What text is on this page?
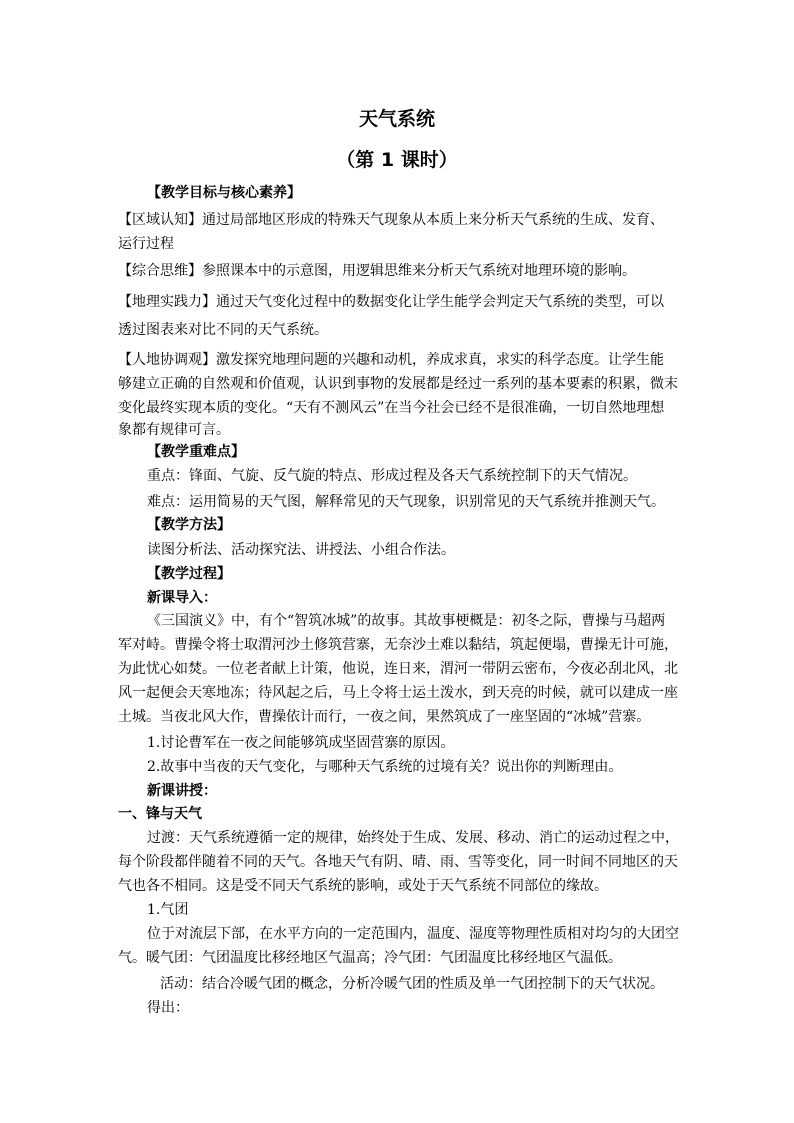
天气系统
（第 1 课时）
【教学目标与核心素养】
【区域认知】通过局部地区形成的特殊天气现象从本质上来分析天气系统的生成、发育、
运行过程
【综合思维】参照课本中的示意图，用逻辑思维来分析天气系统对地理环境的影响。
【地理实践力】通过天气变化过程中的数据变化让学生能学会判定天气系统的类型，可以
透过图表来对比不同的天气系统。
【人地协调观】激发探究地理问题的兴趣和动机，养成求真，求实的科学态度。让学生能
够建立正确的自然观和价值观，认识到事物的发展都是经过一系列的基本要素的积累，微末
变化最终实现本质的变化。“天有不测风云”在当今社会已经不是很准确，一切自然地理想
象都有规律可言。
【教学重难点】
重点：锋面、气旋、反气旋的特点、形成过程及各天气系统控制下的天气情况。
难点：运用简易的天气图，解释常见的天气现象，识别常见的天气系统并推测天气。
【教学方法】
读图分析法、活动探究法、讲授法、小组合作法。
【教学过程】
新课导入：
《三国演义》中，有个“智筑冰城”的故事。其故事梗概是：初冬之际，曹操与马超两
军对峙。曹操令将士取渭河沙土修筑营寨，无奈沙土难以黏结，筑起便塌，曹操无计可施，
为此忧心如焚。一位老者献上计策，他说，连日来，渭河一带阴云密布，今夜必刮北风，北
风一起便会天寒地冻；待风起之后，马上令将士运土泼水，到天亮的时候，就可以建成一座
土城。当夜北风大作，曹操依计而行，一夜之间，果然筑成了一座坚固的“冰城”营寨。
1.讨论曹军在一夜之间能够筑成坚固营寨的原因。
2.故事中当夜的天气变化，与哪种天气系统的过境有关？说出你的判断理由。
新课讲授：
一、锋与天气
过渡：天气系统遵循一定的规律，始终处于生成、发展、移动、消亡的运动过程之中，
每个阶段都伴随着不同的天气。各地天气有阴、晴、雨、雪等变化，同一时间不同地区的天
气也各不相同。这是受不同天气系统的影响，或处于天气系统不同部位的缘故。
1.气团
位于对流层下部，在水平方向的一定范围内，温度、湿度等物理性质相对均匀的大团空
气。暖气团：气团温度比移经地区气温高；冷气团：气团温度比移经地区气温低。
活动：结合冷暖气团的概念，分析冷暖气团的性质及单一气团控制下的天气状况。
得出：
